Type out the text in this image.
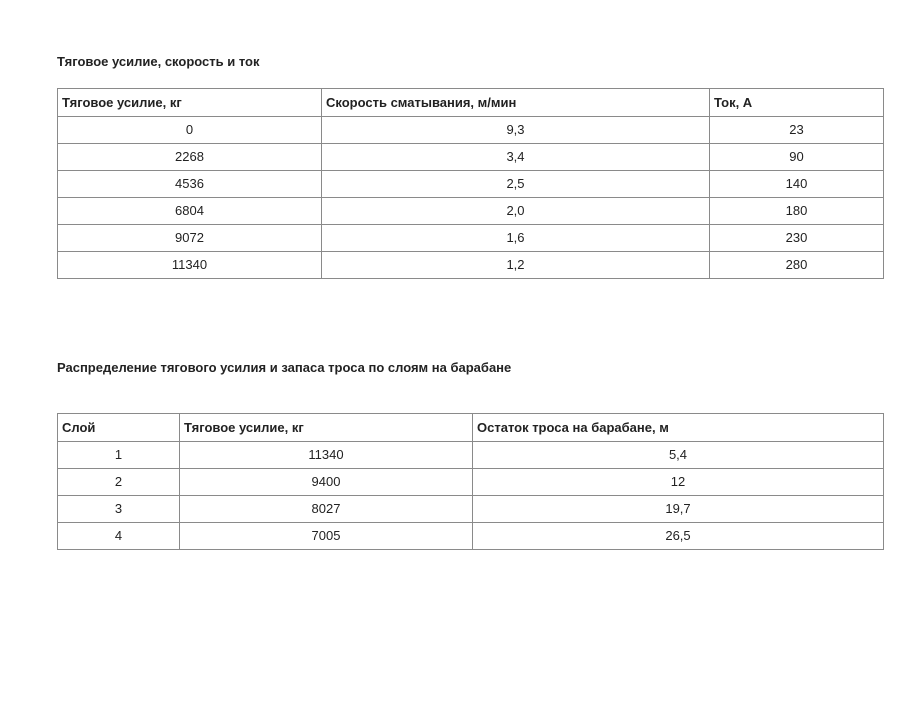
Тяговое усилие, скорость и ток
Тяговое усилие, кг	Скорость сматывания, м/мин	Ток, А
0	9,3	23
2268	3,4	90
4536	2,5	140
6804	2,0	180
9072	1,6	230
11340	1,2	280
Распределение тягового усилия и запаса троса по слоям на барабане
Слой	Тяговое усилие, кг	Остаток троса на барабане, м
1	11340	5,4
2	9400	12
3	8027	19,7
4	7005	26,5
